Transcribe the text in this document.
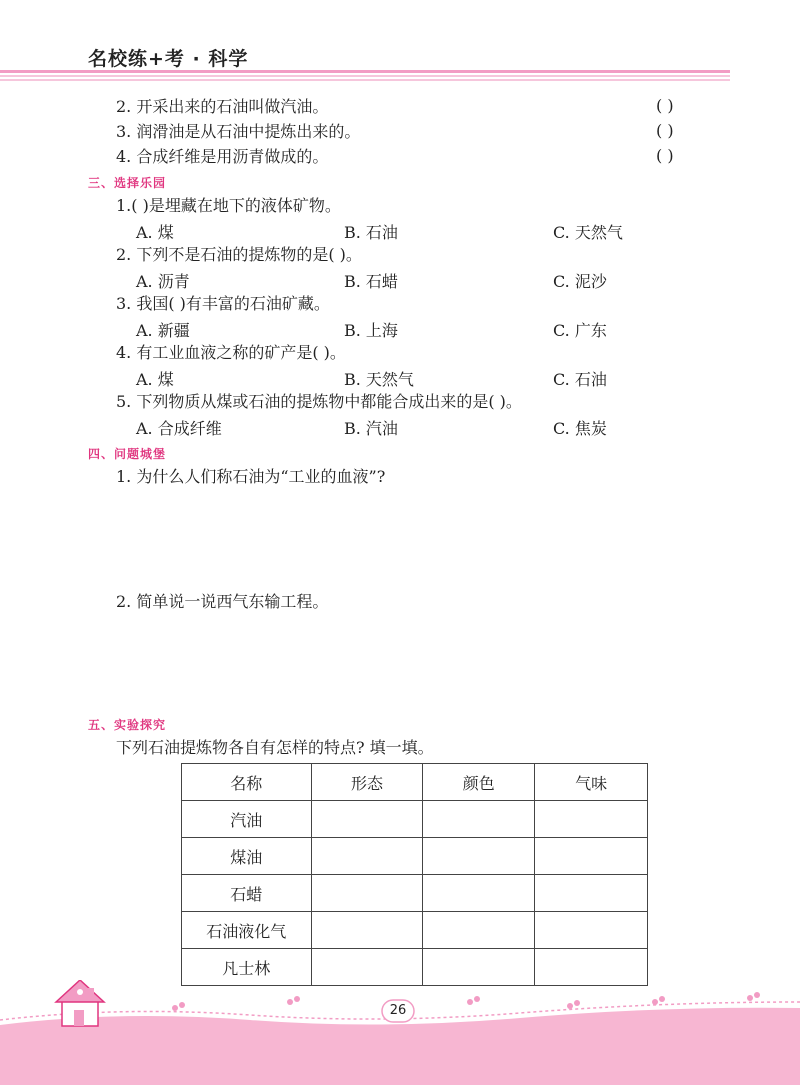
名校练+考 · 科学
2. 开采出来的石油叫做汽油。	( )
3. 润滑油是从石油中提炼出来的。	( )
4. 合成纤维是用沥青做成的。	( )
三、选择乐园
1.( )是埋藏在地下的液体矿物。
A. 煤	B. 石油	C. 天然气
2. 下列不是石油的提炼物的是( )。
A. 沥青	B. 石蜡	C. 泥沙
3. 我国( )有丰富的石油矿藏。
A. 新疆	B. 上海	C. 广东
4. 有工业血液之称的矿产是( )。
A. 煤	B. 天然气	C. 石油
5. 下列物质从煤或石油的提炼物中都能合成出来的是( )。
A. 合成纤维	B. 汽油	C. 焦炭
四、问题城堡
1. 为什么人们称石油为“工业的血液”?
2. 简单说一说西气东输工程。
五、实验探究
下列石油提炼物各自有怎样的特点? 填一填。
名称	形态	颜色	气味
汽油			
煤油			
石蜡			
石油液化气			
凡士林			
26
